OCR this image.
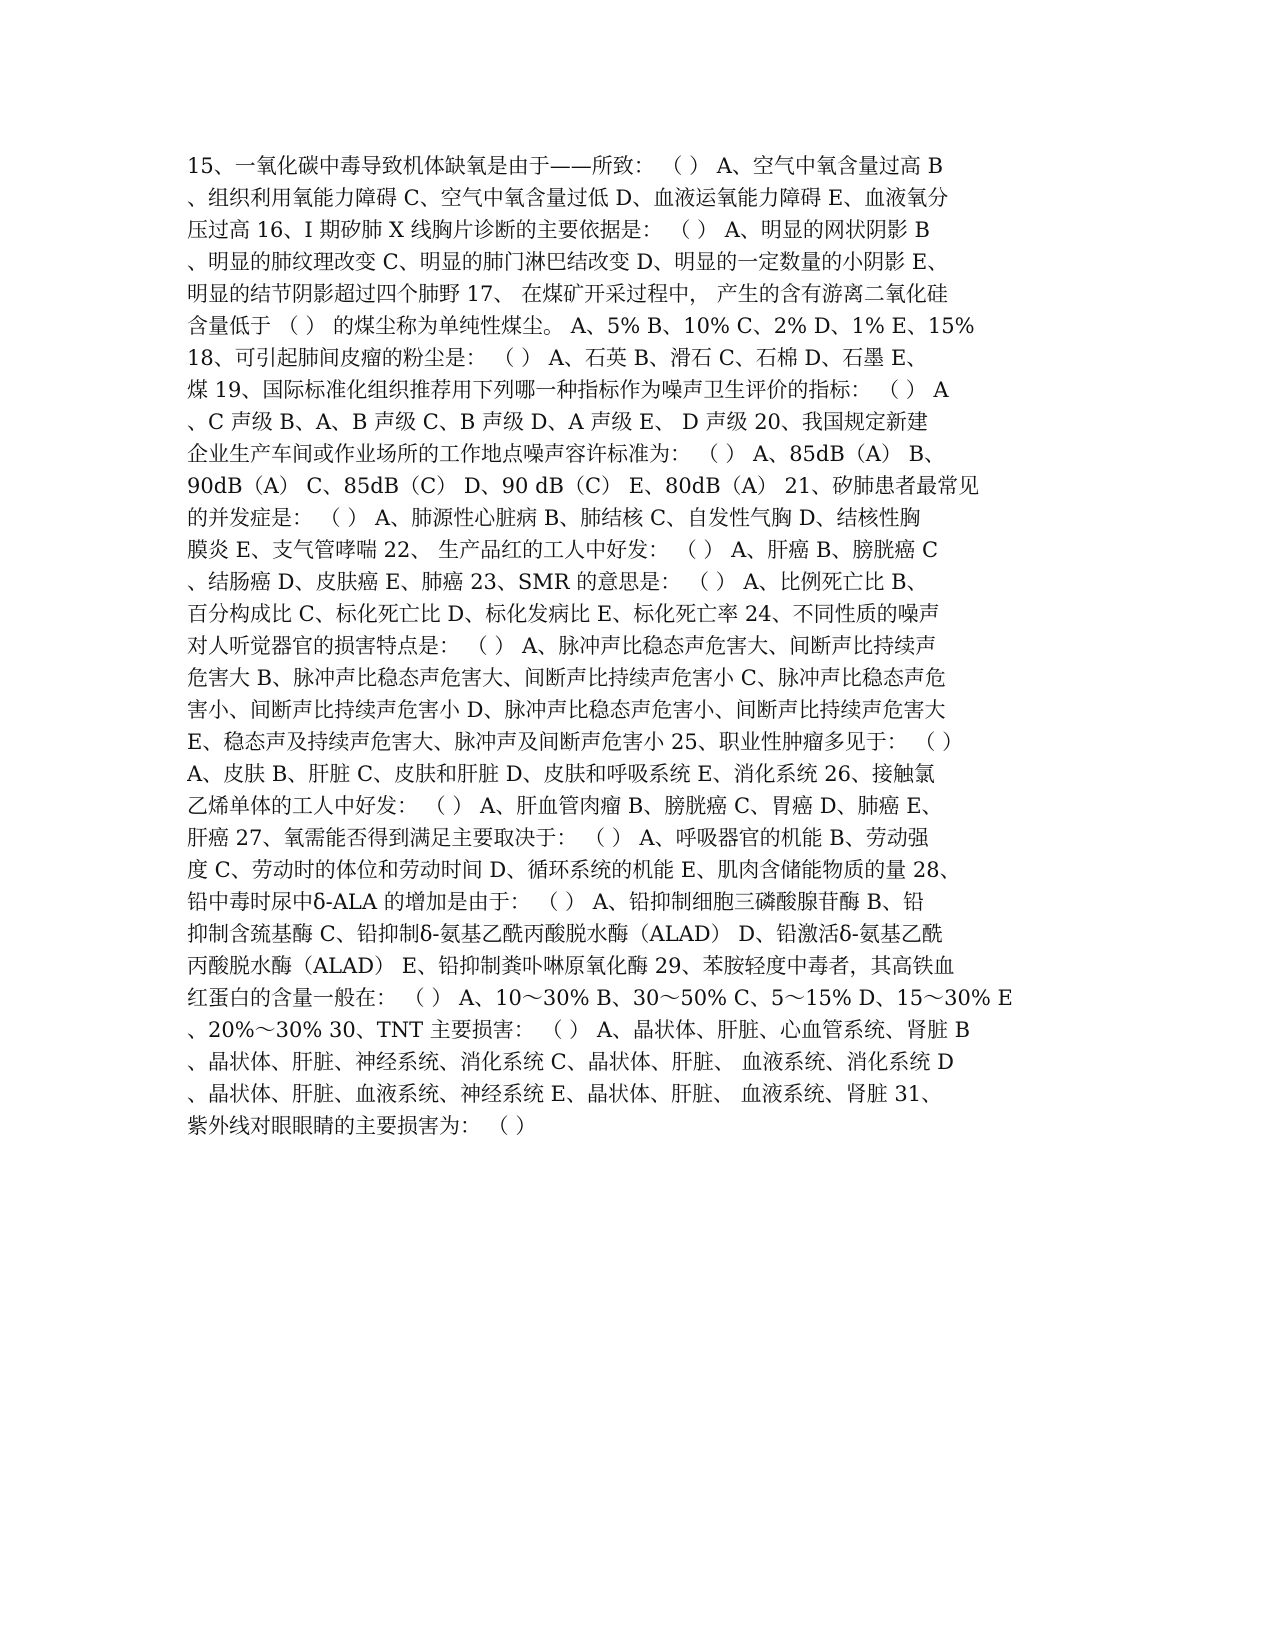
15、一氧化碳中毒导致机体缺氧是由于——所致： （ ） A、空气中氧含量过高 B
、组织利用氧能力障碍 C、空气中氧含量过低 D、血液运氧能力障碍 E、血液氧分
压过高 16、I 期矽肺 X 线胸片诊断的主要依据是： （ ） A、明显的网状阴影 B
、明显的肺纹理改变 C、明显的肺门淋巴结改变 D、明显的一定数量的小阴影 E、
明显的结节阴影超过四个肺野 17、 在煤矿开采过程中， 产生的含有游离二氧化硅
含量低于 （ ） 的煤尘称为单纯性煤尘。 A、5% B、10% C、2% D、1% E、15%
18、可引起肺间皮瘤的粉尘是： （ ） A、石英 B、滑石 C、石棉 D、石墨 E、
煤 19、国际标准化组织推荐用下列哪一种指标作为噪声卫生评价的指标： （ ） A
、C 声级 B、A、B 声级 C、B 声级 D、A 声级 E、 D 声级 20、我国规定新建
企业生产车间或作业场所的工作地点噪声容许标准为： （ ） A、85dB（A） B、
90dB（A） C、85dB（C） D、90 dB（C） E、80dB（A） 21、矽肺患者最常见
的并发症是： （ ） A、肺源性心脏病 B、肺结核 C、自发性气胸 D、结核性胸
膜炎 E、支气管哮喘 22、 生产品红的工人中好发： （ ） A、肝癌 B、膀胱癌 C
、结肠癌 D、皮肤癌 E、肺癌 23、SMR 的意思是： （ ） A、比例死亡比 B、
百分构成比 C、标化死亡比 D、标化发病比 E、标化死亡率 24、不同性质的噪声
对人听觉器官的损害特点是： （ ） A、脉冲声比稳态声危害大、间断声比持续声
危害大 B、脉冲声比稳态声危害大、间断声比持续声危害小 C、脉冲声比稳态声危
害小、间断声比持续声危害小 D、脉冲声比稳态声危害小、间断声比持续声危害大
E、稳态声及持续声危害大、脉冲声及间断声危害小 25、职业性肿瘤多见于： （ ）
A、皮肤 B、肝脏 C、皮肤和肝脏 D、皮肤和呼吸系统 E、消化系统 26、接触氯
乙烯单体的工人中好发： （ ） A、肝血管肉瘤 B、膀胱癌 C、胃癌 D、肺癌 E、
肝癌 27、氧需能否得到满足主要取决于： （ ） A、呼吸器官的机能 B、劳动强
度 C、劳动时的体位和劳动时间 D、循环系统的机能 E、肌肉含储能物质的量 28、
铅中毒时尿中δ-ALA 的增加是由于： （ ） A、铅抑制细胞三磷酸腺苷酶 B、铅
抑制含巯基酶 C、铅抑制δ-氨基乙酰丙酸脱水酶（ALAD） D、铅激活δ-氨基乙酰
丙酸脱水酶（ALAD） E、铅抑制粪卟啉原氧化酶 29、苯胺轻度中毒者，其高铁血
红蛋白的含量一般在： （ ） A、10～30% B、30～50% C、5～15% D、15～30% E
、20%～30% 30、TNT 主要损害： （ ） A、晶状体、肝脏、心血管系统、肾脏 B
、晶状体、肝脏、神经系统、消化系统 C、晶状体、肝脏、 血液系统、消化系统 D
、晶状体、肝脏、血液系统、神经系统 E、晶状体、肝脏、 血液系统、肾脏 31、
紫外线对眼眼睛的主要损害为： （ ）
